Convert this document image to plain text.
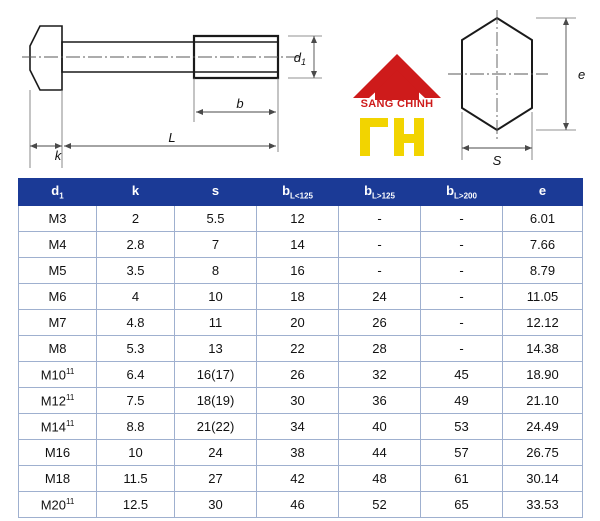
b
L
k
$d_1$
S
e
SANG CHINH
$d_1$	k	s	$b_{L<125}$	$b_{L>125}$	$b_{L>200}$	e
M3	2	5.5	12	-	-	6.01
M4	2.8	7	14	-	-	7.66
M5	3.5	8	16	-	-	8.79
M6	4	10	18	24	-	11.05
M7	4.8	11	20	26	-	12.12
M8	5.3	13	22	28	-	14.38
$M10^{11}$	6.4	16(17)	26	32	45	18.90
$M12^{11}$	7.5	18(19)	30	36	49	21.10
$M14^{11}$	8.8	21(22)	34	40	53	24.49
M16	10	24	38	44	57	26.75
M18	11.5	27	42	48	61	30.14
$M20^{11}$	12.5	30	46	52	65	33.53
